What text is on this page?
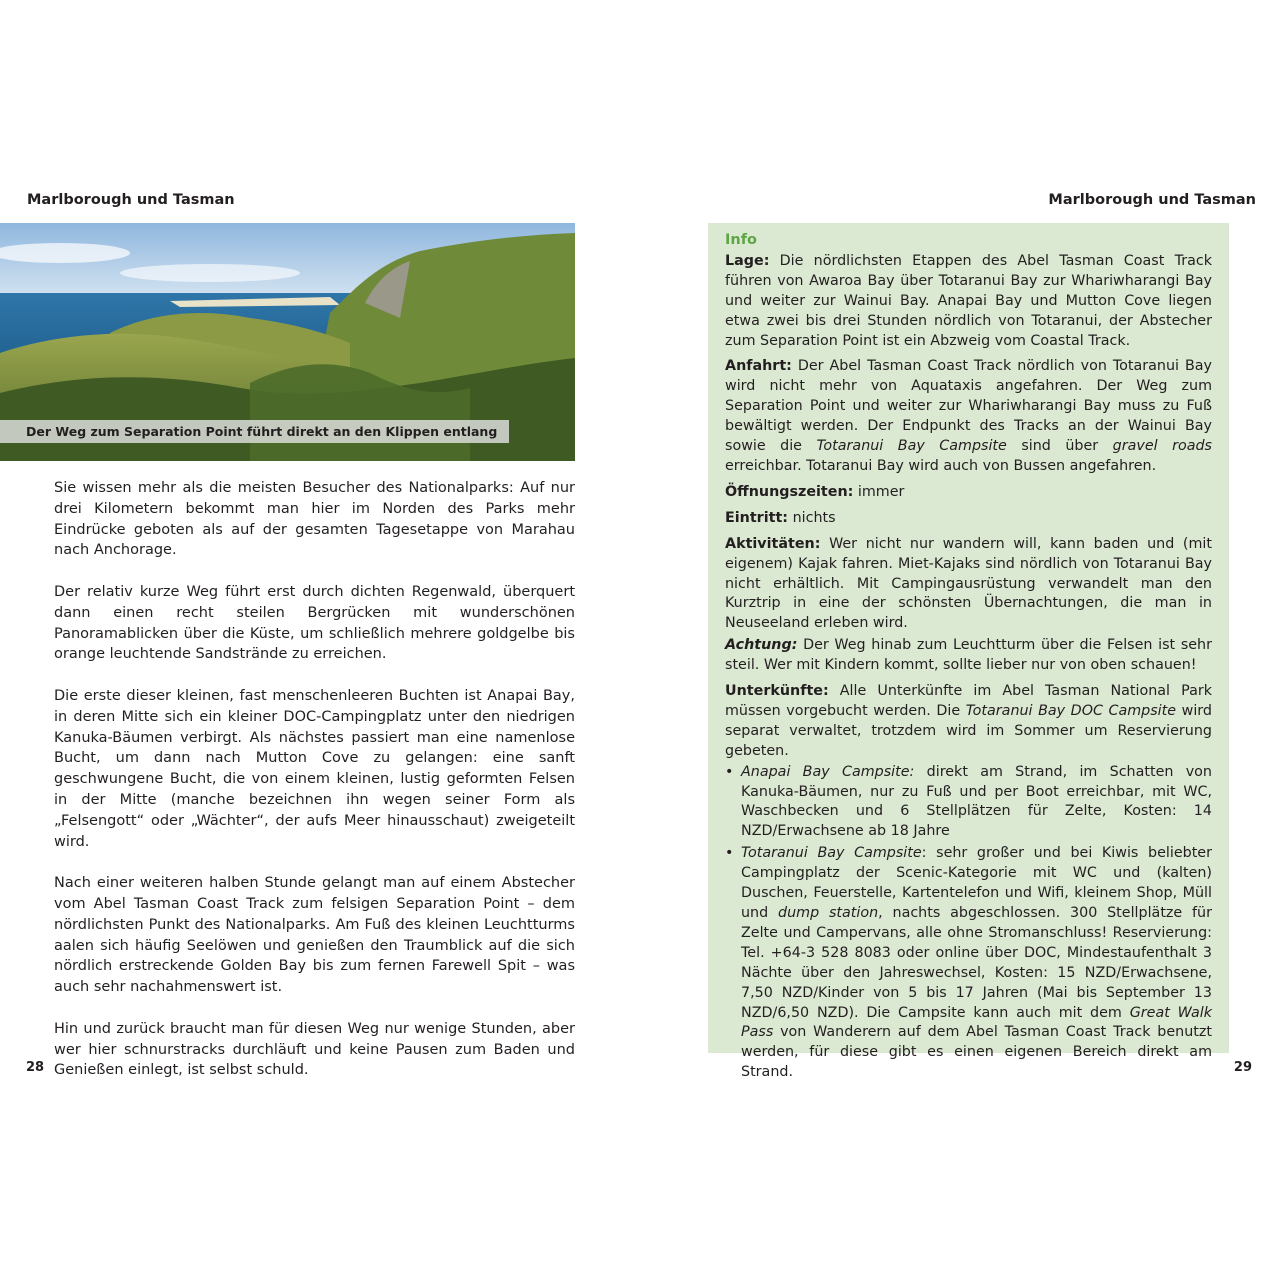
Marlborough und Tasman	Marlborough und Tasman
Der Weg zum Separation Point führt direkt an den Klippen entlang

Sie wissen mehr als die meisten Besucher des Nationalparks: Auf nur drei Kilometern bekommt man hier im Norden des Parks mehr Eindrücke geboten als auf der gesamten Tagesetappe von Marahau nach Anchorage.

Der relativ kurze Weg führt erst durch dichten Regenwald, überquert dann einen recht steilen Bergrücken mit wunderschönen Panoramablicken über die Küste, um schließlich mehrere goldgelbe bis orange leuchtende Sandstrände zu erreichen.

Die erste dieser kleinen, fast menschenleeren Buchten ist Anapai Bay, in deren Mitte sich ein kleiner DOC-Campingplatz unter den niedrigen Kanuka-Bäumen verbirgt. Als nächstes passiert man eine namenlose Bucht, um dann nach Mutton Cove zu gelangen: eine sanft geschwungene Bucht, die von einem kleinen, lustig geformten Felsen in der Mitte (manche bezeichnen ihn wegen seiner Form als „Felsengott“ oder „Wächter“, der aufs Meer hinausschaut) zweigeteilt wird.

Nach einer weiteren halben Stunde gelangt man auf einem Abstecher vom Abel Tasman Coast Track zum felsigen Separation Point – dem nördlichsten Punkt des Nationalparks. Am Fuß des kleinen Leuchtturms aalen sich häufig Seelöwen und genießen den Traumblick auf die sich nördlich erstreckende Golden Bay bis zum fernen Farewell Spit – was auch sehr nachahmenswert ist.

Hin und zurück braucht man für diesen Weg nur wenige Stunden, aber wer hier schnurstracks durchläuft und keine Pausen zum Baden und Genießen einlegt, ist selbst schuld.

Info

Lage: Die nördlichsten Etappen des Abel Tasman Coast Track führen von Awaroa Bay über Totaranui Bay zur Whariwharangi Bay und weiter zur Wainui Bay. Anapai Bay und Mutton Cove liegen etwa zwei bis drei Stunden nördlich von Totaranui, der Abstecher zum Separation Point ist ein Abzweig vom Coastal Track.

Anfahrt: Der Abel Tasman Coast Track nördlich von Totaranui Bay wird nicht mehr von Aquataxis angefahren. Der Weg zum Separation Point und weiter zur Whariwharangi Bay muss zu Fuß bewältigt werden. Der Endpunkt des Tracks an der Wainui Bay sowie die Totaranui Bay Campsite sind über gravel roads erreichbar. Totaranui Bay wird auch von Bussen angefahren.

Öffnungszeiten: immer

Eintritt: nichts

Aktivitäten: Wer nicht nur wandern will, kann baden und (mit eigenem) Kajak fahren. Miet-Kajaks sind nördlich von Totaranui Bay nicht erhältlich. Mit Campingausrüstung verwandelt man den Kurztrip in eine der schönsten Übernachtungen, die man in Neuseeland erleben wird.

Achtung: Der Weg hinab zum Leuchtturm über die Felsen ist sehr steil. Wer mit Kindern kommt, sollte lieber nur von oben schauen!

Unterkünfte: Alle Unterkünfte im Abel Tasman National Park müssen vorgebucht werden. Die Totaranui Bay DOC Campsite wird separat verwaltet, trotzdem wird im Sommer um Reservierung gebeten.

• Anapai Bay Campsite: direkt am Strand, im Schatten von Kanuka-Bäumen, nur zu Fuß und per Boot erreichbar, mit WC, Waschbecken und 6 Stellplätzen für Zelte, Kosten: 14 NZD/Erwachsene ab 18 Jahre
• Totaranui Bay Campsite: sehr großer und bei Kiwis beliebter Campingplatz der Scenic-Kategorie mit WC und (kalten) Duschen, Feuerstelle, Kartentelefon und Wifi, kleinem Shop, Müll und dump station, nachts abgeschlossen. 300 Stellplätze für Zelte und Campervans, alle ohne Stromanschluss! Reservierung: Tel. +64-3 528 8083 oder online über DOC, Mindestaufenthalt 3 Nächte über den Jahreswechsel, Kosten: 15 NZD/Erwachsene, 7,50 NZD/Kinder von 5 bis 17 Jahren (Mai bis September 13 NZD/6,50 NZD). Die Campsite kann auch mit dem Great Walk Pass von Wanderern auf dem Abel Tasman Coast Track benutzt werden, für diese gibt es einen eigenen Bereich direkt am Strand.
28	29
